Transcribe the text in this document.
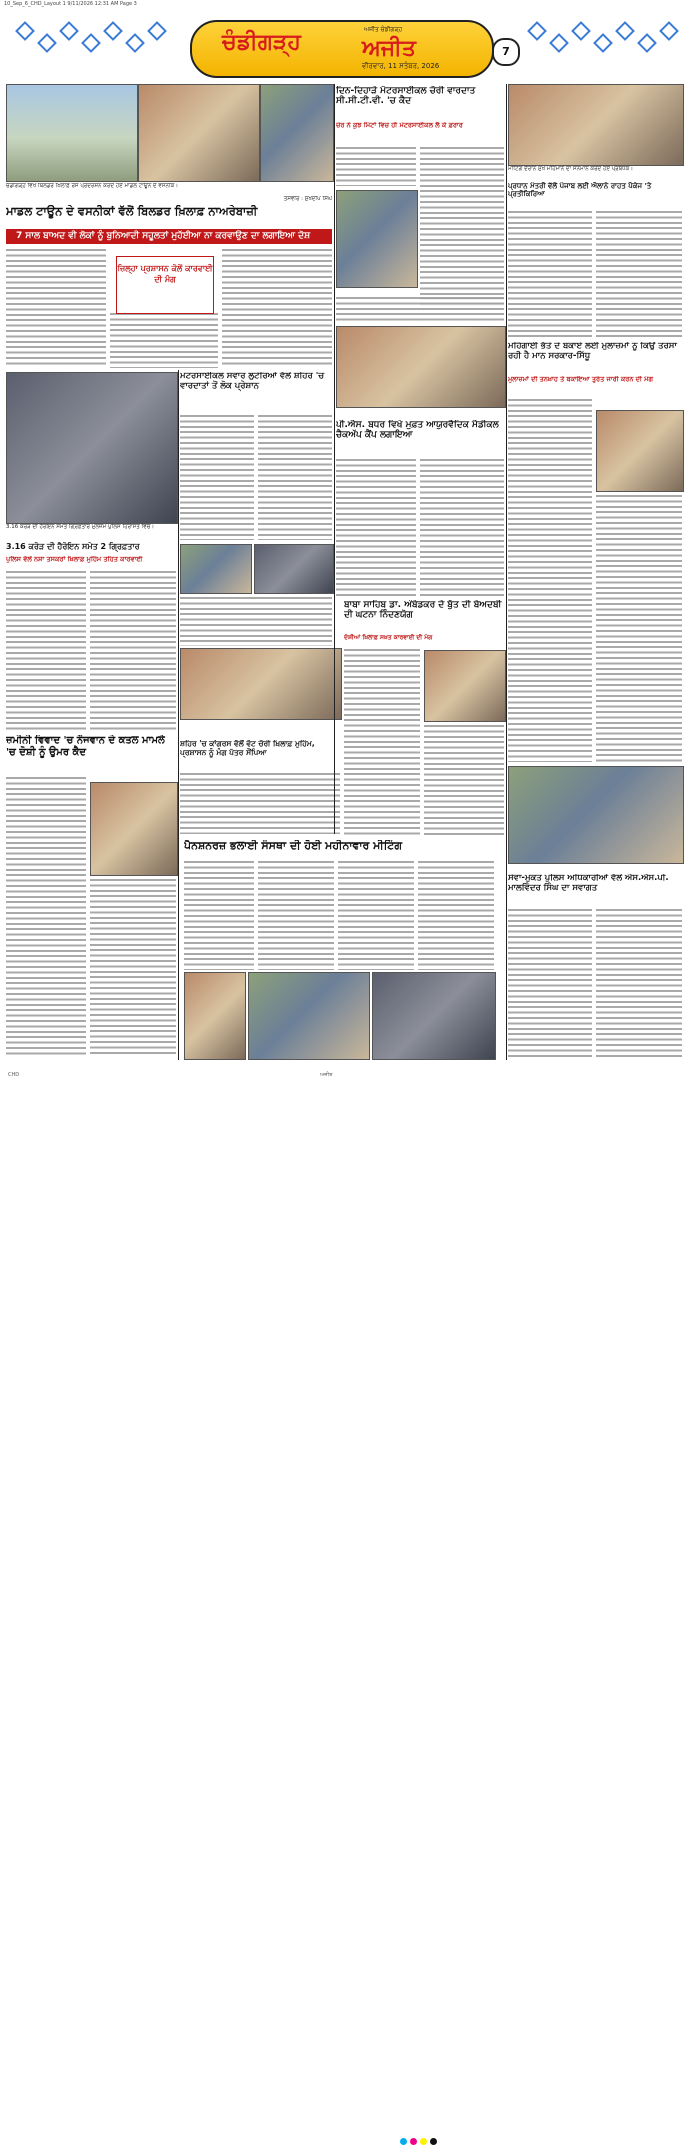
10_Sep_6_CHD_Layout 1 9/11/2026 12:31 AM Page 3
ਚੰਡੀਗੜ੍ਹ
ਅਜੀਤ ਚੰਡੀਗੜ੍ਹ
ਅਜੀਤ
ਵੀਰਵਾਰ, 11 ਸਤੰਬਰ, 2026
7
ਚੰਡੀਗੜ੍ਹ ਵਿਖੇ ਬਿਲਡਰ ਖ਼ਿਲਾਫ਼ ਰੋਸ ਪ੍ਰਦਰਸ਼ਨ ਕਰਦੇ ਹੋਏ ਮਾਡਲ ਟਾਊਨ ਦੇ ਵਸਨੀਕ।
ਤਸਵੀਰ : ਸੁਖਦੀਪ ਸਿੰਘ
ਮਾਡਲ ਟਾਊਨ ਦੇ ਵਸਨੀਕਾਂ ਵੱਲੋਂ ਬਿਲਡਰ ਖ਼ਿਲਾਫ਼ ਨਾਅਰੇਬਾਜ਼ੀ
7 ਸਾਲ ਬਾਅਦ ਵੀ ਲੋਕਾਂ ਨੂੰ ਬੁਨਿਆਦੀ ਸਹੂਲਤਾਂ ਮੁਹੱਈਆ ਨਾ ਕਰਵਾਉਣ ਦਾ ਲਗਾਇਆ ਦੋਸ਼
ਜ਼ਿਲ੍ਹਾ ਪ੍ਰਸ਼ਾਸਨ ਕੋਲੋਂ ਕਾਰਵਾਈ ਦੀ ਮੰਗ
3.16 ਕਰੋੜ ਦੀ ਹੈਰੋਇਨ ਸਮੇਤ ਗ੍ਰਿਫ਼ਤਾਰ ਮੁਲਜ਼ਮ ਪੁਲਿਸ ਹਿਰਾਸਤ ਵਿਚ।
3.16 ਕਰੋੜ ਦੀ ਹੈਰੋਇਨ ਸਮੇਤ 2 ਗ੍ਰਿਫ਼ਤਾਰ
ਪੁਲਿਸ ਵੱਲੋਂ ਨਸ਼ਾ ਤਸਕਰਾਂ ਖ਼ਿਲਾਫ਼ ਮੁਹਿੰਮ ਤਹਿਤ ਕਾਰਵਾਈ
ਜ਼ਮੀਨੀ ਵਿਵਾਦ 'ਚ ਨੌਜਵਾਨ ਦੇ ਕਤਲ ਮਾਮਲੇ 'ਚ ਦੋਸ਼ੀ ਨੂੰ ਉਮਰ ਕੈਦ
ਮੋਟਰਸਾਈਕਲ ਸਵਾਰ ਲੁਟੇਰਿਆਂ ਵੱਲੋਂ ਸ਼ਹਿਰ 'ਚ ਵਾਰਦਾਤਾਂ ਤੋਂ ਲੋਕ ਪ੍ਰੇਸ਼ਾਨ
ਸ਼ਹਿਰ 'ਚ ਕਾਂਗਰਸ ਵੱਲੋਂ ਵੋਟ ਚੋਰੀ ਖ਼ਿਲਾਫ਼ ਮੁਹਿੰਮ, ਪ੍ਰਸ਼ਾਸਨ ਨੂੰ ਮੰਗ ਪੱਤਰ ਸੌਂਪਿਆ
ਪੈਨਸ਼ਨਰਜ਼ ਭਲਾਈ ਸੰਸਥਾ ਦੀ ਹੋਈ ਮਹੀਨਾਵਾਰ ਮੀਟਿੰਗ
ਦਿਨ-ਦਿਹਾੜੇ ਮੋਟਰਸਾਈਕਲ ਚੋਰੀ ਵਾਰਦਾਤ ਸੀ.ਸੀ.ਟੀ.ਵੀ. 'ਚ ਕੈਦ
ਚੋਰ ਨੇ ਕੁਝ ਮਿੰਟਾਂ ਵਿਚ ਹੀ ਮੋਟਰਸਾਈਕਲ ਲੈ ਕੇ ਫ਼ਰਾਰ
ਪੀ.ਐਸ. ਬਧਰ ਵਿਖੇ ਮੁਫ਼ਤ ਆਯੁਰਵੈਦਿਕ ਮੈਡੀਕਲ ਚੈਕਅੱਪ ਕੈਂਪ ਲਗਾਇਆ
ਬਾਬਾ ਸਾਹਿਬ ਡਾ. ਅੰਬੇਡਕਰ ਦੇ ਬੁੱਤ ਦੀ ਬੇਅਦਬੀ ਦੀ ਘਟਨਾ ਨਿੰਦਣਯੋਗ
ਦੋਸ਼ੀਆਂ ਖ਼ਿਲਾਫ਼ ਸਖ਼ਤ ਕਾਰਵਾਈ ਦੀ ਮੰਗ
ਮੀਟਿੰਗ ਦੌਰਾਨ ਮੁੱਖ ਮਹਿਮਾਨ ਦਾ ਸਨਮਾਨ ਕਰਦੇ ਹੋਏ ਪ੍ਰਬੰਧਕ।
ਪ੍ਰਧਾਨ ਮੰਤਰੀ ਵੱਲੋਂ ਪੰਜਾਬ ਲਈ ਐਲਾਨੇ ਰਾਹਤ ਪੈਕੇਜ 'ਤੇ ਪ੍ਰਤੀਕਿਰਿਆ
ਮਹਿੰਗਾਈ ਭੱਤੇ ਦੇ ਬਕਾਏ ਲਈ ਮੁਲਾਜ਼ਮਾਂ ਨੂੰ ਕਿਉਂ ਤਰਸਾ ਰਹੀ ਹੈ ਮਾਨ ਸਰਕਾਰ-ਸਿੱਧੂ
ਮੁਲਾਜ਼ਮਾਂ ਦੀ ਤਨਖ਼ਾਹ ਤੇ ਬਕਾਇਆ ਤੁਰੰਤ ਜਾਰੀ ਕਰਨ ਦੀ ਮੰਗ
ਸੇਵਾ-ਮੁਕਤ ਪੁਲਿਸ ਅਧਿਕਾਰੀਆਂ ਵੱਲੋਂ ਐਸ.ਐਸ.ਪੀ. ਮਾਲਵਿੰਦਰ ਸਿੰਘ ਦਾ ਸਵਾਗਤ
CHD	ਅਜੀਤ
